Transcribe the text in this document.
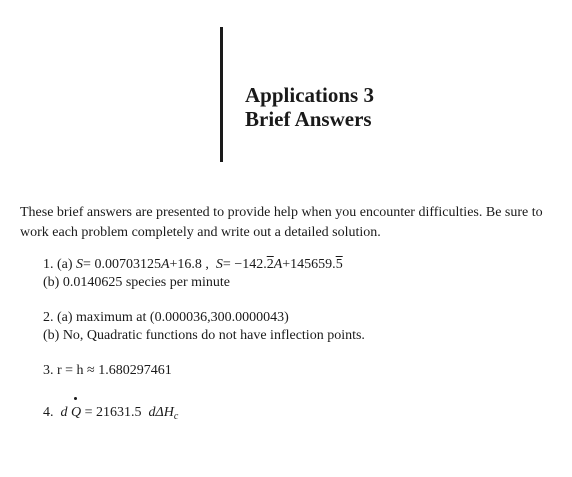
Applications 3
Brief Answers
These brief answers are presented to provide help when you encounter difficulties. Be sure to work each problem completely and write out a detailed solution.
1. (a) S= 0.00703125A+16.8 , S= −142.2A+145659.5
(b) 0.0140625 species per minute
2. (a) maximum at (0.000036,300.0000043)
(b) No, Quadratic functions do not have inflection points.
3. r = h ≈ 1.680297461
4. d Q = 21631.5 dΔH$_c$
